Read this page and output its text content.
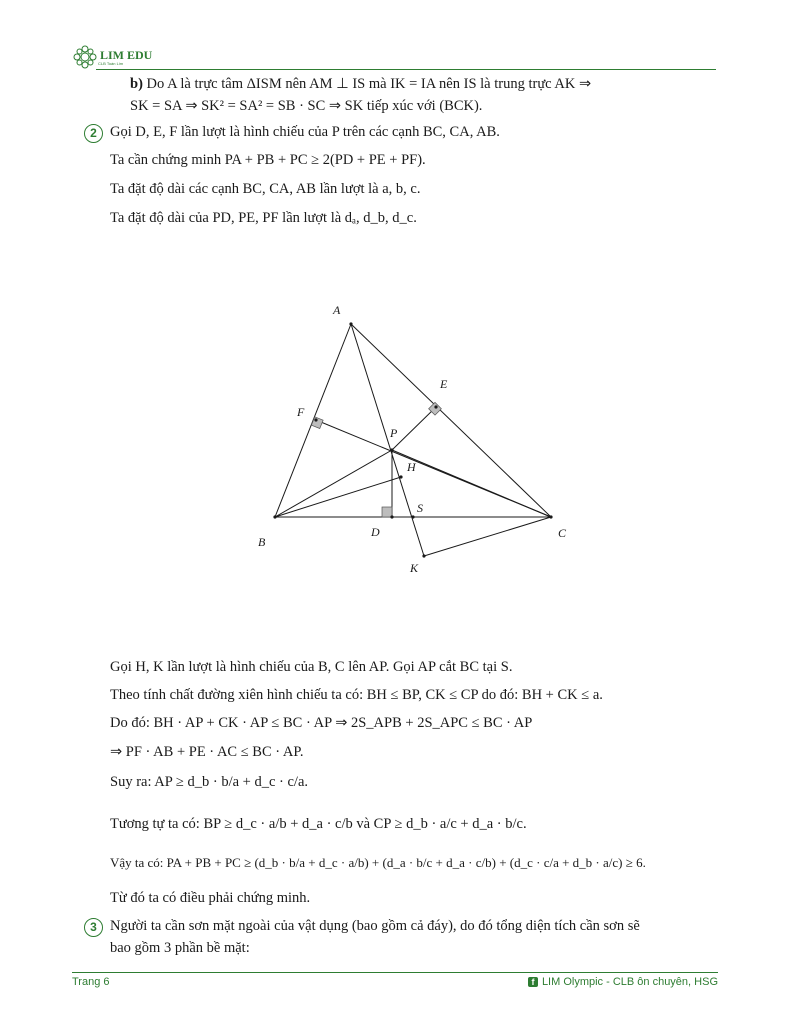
LIM EDU
CLB Toán Lim
b) Do A là trực tâm ΔISM nên AM ⊥ IS mà IK = IA nên IS là trung trực AK ⇒
SK = SA ⇒ SK² = SA² = SB · SC ⇒ SK tiếp xúc với (BCK).
2 Gọi D, E, F lần lượt là hình chiếu của P trên các cạnh BC, CA, AB.
Ta cần chứng minh PA + PB + PC ≥ 2(PD + PE + PF).
Ta đặt độ dài các cạnh BC, CA, AB lần lượt là a, b, c.
Ta đặt độ dài của PD, PE, PF lần lượt là dₐ, d_b, d_c.
A
B
C
D
E
F
P
H
S
K
Gọi H, K lần lượt là hình chiếu của B, C lên AP. Gọi AP cắt BC tại S.
Theo tính chất đường xiên hình chiếu ta có: BH ≤ BP, CK ≤ CP do đó: BH + CK ≤ a.
Do đó: BH · AP + CK · AP ≤ BC · AP ⇒ 2S_APB + 2S_APC ≤ BC · AP
⇒ PF · AB + PE · AC ≤ BC · AP.
Suy ra: AP ≥ d_b · b/a + d_c · c/a.
Tương tự ta có: BP ≥ d_c · a/b + d_a · c/b và CP ≥ d_b · a/c + d_a · b/c.
Vậy ta có: PA + PB + PC ≥ (d_b · b/a + d_c · a/b) + (d_a · b/c + d_a · c/b) + (d_c · c/a + d_b · a/c) ≥ 6.
Từ đó ta có điều phải chứng minh.
3 Người ta cần sơn mặt ngoài của vật dụng (bao gồm cả đáy), do đó tổng diện tích cần sơn sẽ
bao gồm 3 phần bề mặt:
Trang 6	f LIM Olympic - CLB ôn chuyên, HSG
